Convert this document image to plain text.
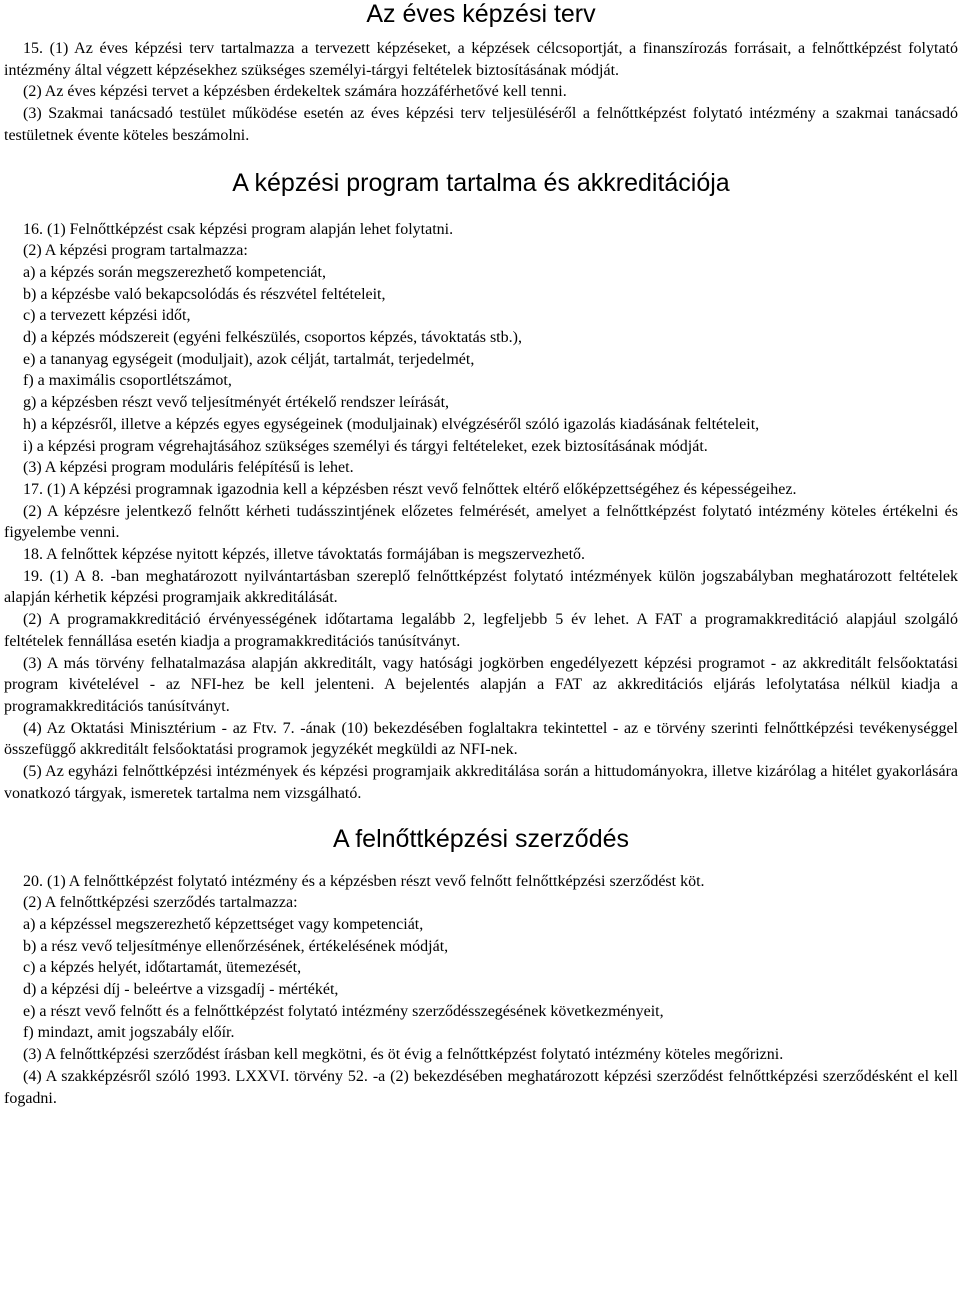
Az éves képzési terv

15. (1) Az éves képzési terv tartalmazza a tervezett képzéseket, a képzések célcsoportját, a finanszírozás forrásait, a felnőttképzést folytató intézmény által végzett képzésekhez szükséges személyi-tárgyi feltételek biztosításának módját.

(2) Az éves képzési tervet a képzésben érdekeltek számára hozzáférhetővé kell tenni.

(3) Szakmai tanácsadó testület működése esetén az éves képzési terv teljesüléséről a felnőttképzést folytató intézmény a szakmai tanácsadó testületnek évente köteles beszámolni.

A képzési program tartalma és akkreditációja

16. (1) Felnőttképzést csak képzési program alapján lehet folytatni.

(2) A képzési program tartalmazza:

a) a képzés során megszerezhető kompetenciát,

b) a képzésbe való bekapcsolódás és részvétel feltételeit,

c) a tervezett képzési időt,

d) a képzés módszereit (egyéni felkészülés, csoportos képzés, távoktatás stb.),

e) a tananyag egységeit (moduljait), azok célját, tartalmát, terjedelmét,

f) a maximális csoportlétszámot,

g) a képzésben részt vevő teljesítményét értékelő rendszer leírását,

h) a képzésről, illetve a képzés egyes egységeinek (moduljainak) elvégzéséről szóló igazolás kiadásának feltételeit,

i) a képzési program végrehajtásához szükséges személyi és tárgyi feltételeket, ezek biztosításának módját.

(3) A képzési program moduláris felépítésű is lehet.

17. (1) A képzési programnak igazodnia kell a képzésben részt vevő felnőttek eltérő előképzettségéhez és képességeihez.

(2) A képzésre jelentkező felnőtt kérheti tudásszintjének előzetes felmérését, amelyet a felnőttképzést folytató intézmény köteles értékelni és figyelembe venni.

18. A felnőttek képzése nyitott képzés, illetve távoktatás formájában is megszervezhető.

19. (1) A 8. -ban meghatározott nyilvántartásban szereplő felnőttképzést folytató intézmények külön jogszabályban meghatározott feltételek alapján kérhetik képzési programjaik akkreditálását.

(2) A programakkreditáció érvényességének időtartama legalább 2, legfeljebb 5 év lehet. A FAT a programakkreditáció alapjául szolgáló feltételek fennállása esetén kiadja a programakkreditációs tanúsítványt.

(3) A más törvény felhatalmazása alapján akkreditált, vagy hatósági jogkörben engedélyezett képzési programot - az akkreditált felsőoktatási program kivételével - az NFI-hez be kell jelenteni. A bejelentés alapján a FAT az akkreditációs eljárás lefolytatása nélkül kiadja a programakkreditációs tanúsítványt.

(4) Az Oktatási Minisztérium - az Ftv. 7. -ának (10) bekezdésében foglaltakra tekintettel - az e törvény szerinti felnőttképzési tevékenységgel összefüggő akkreditált felsőoktatási programok jegyzékét megküldi az NFI-nek.

(5) Az egyházi felnőttképzési intézmények és képzési programjaik akkreditálása során a hittudományokra, illetve kizárólag a hitélet gyakorlására vonatkozó tárgyak, ismeretek tartalma nem vizsgálható.

A felnőttképzési szerződés

20. (1) A felnőttképzést folytató intézmény és a képzésben részt vevő felnőtt felnőttképzési szerződést köt.

(2) A felnőttképzési szerződés tartalmazza:

a) a képzéssel megszerezhető képzettséget vagy kompetenciát,

b) a rész vevő teljesítménye ellenőrzésének, értékelésének módját,

c) a képzés helyét, időtartamát, ütemezését,

d) a képzési díj - beleértve a vizsgadíj - mértékét,

e) a részt vevő felnőtt és a felnőttképzést folytató intézmény szerződésszegésének következményeit,

f) mindazt, amit jogszabály előír.

(3) A felnőttképzési szerződést írásban kell megkötni, és öt évig a felnőttképzést folytató intézmény köteles megőrizni.

(4) A szakképzésről szóló 1993. LXXVI. törvény 52. -a (2) bekezdésében meghatározott képzési szerződést felnőttképzési szerződésként el kell fogadni.
